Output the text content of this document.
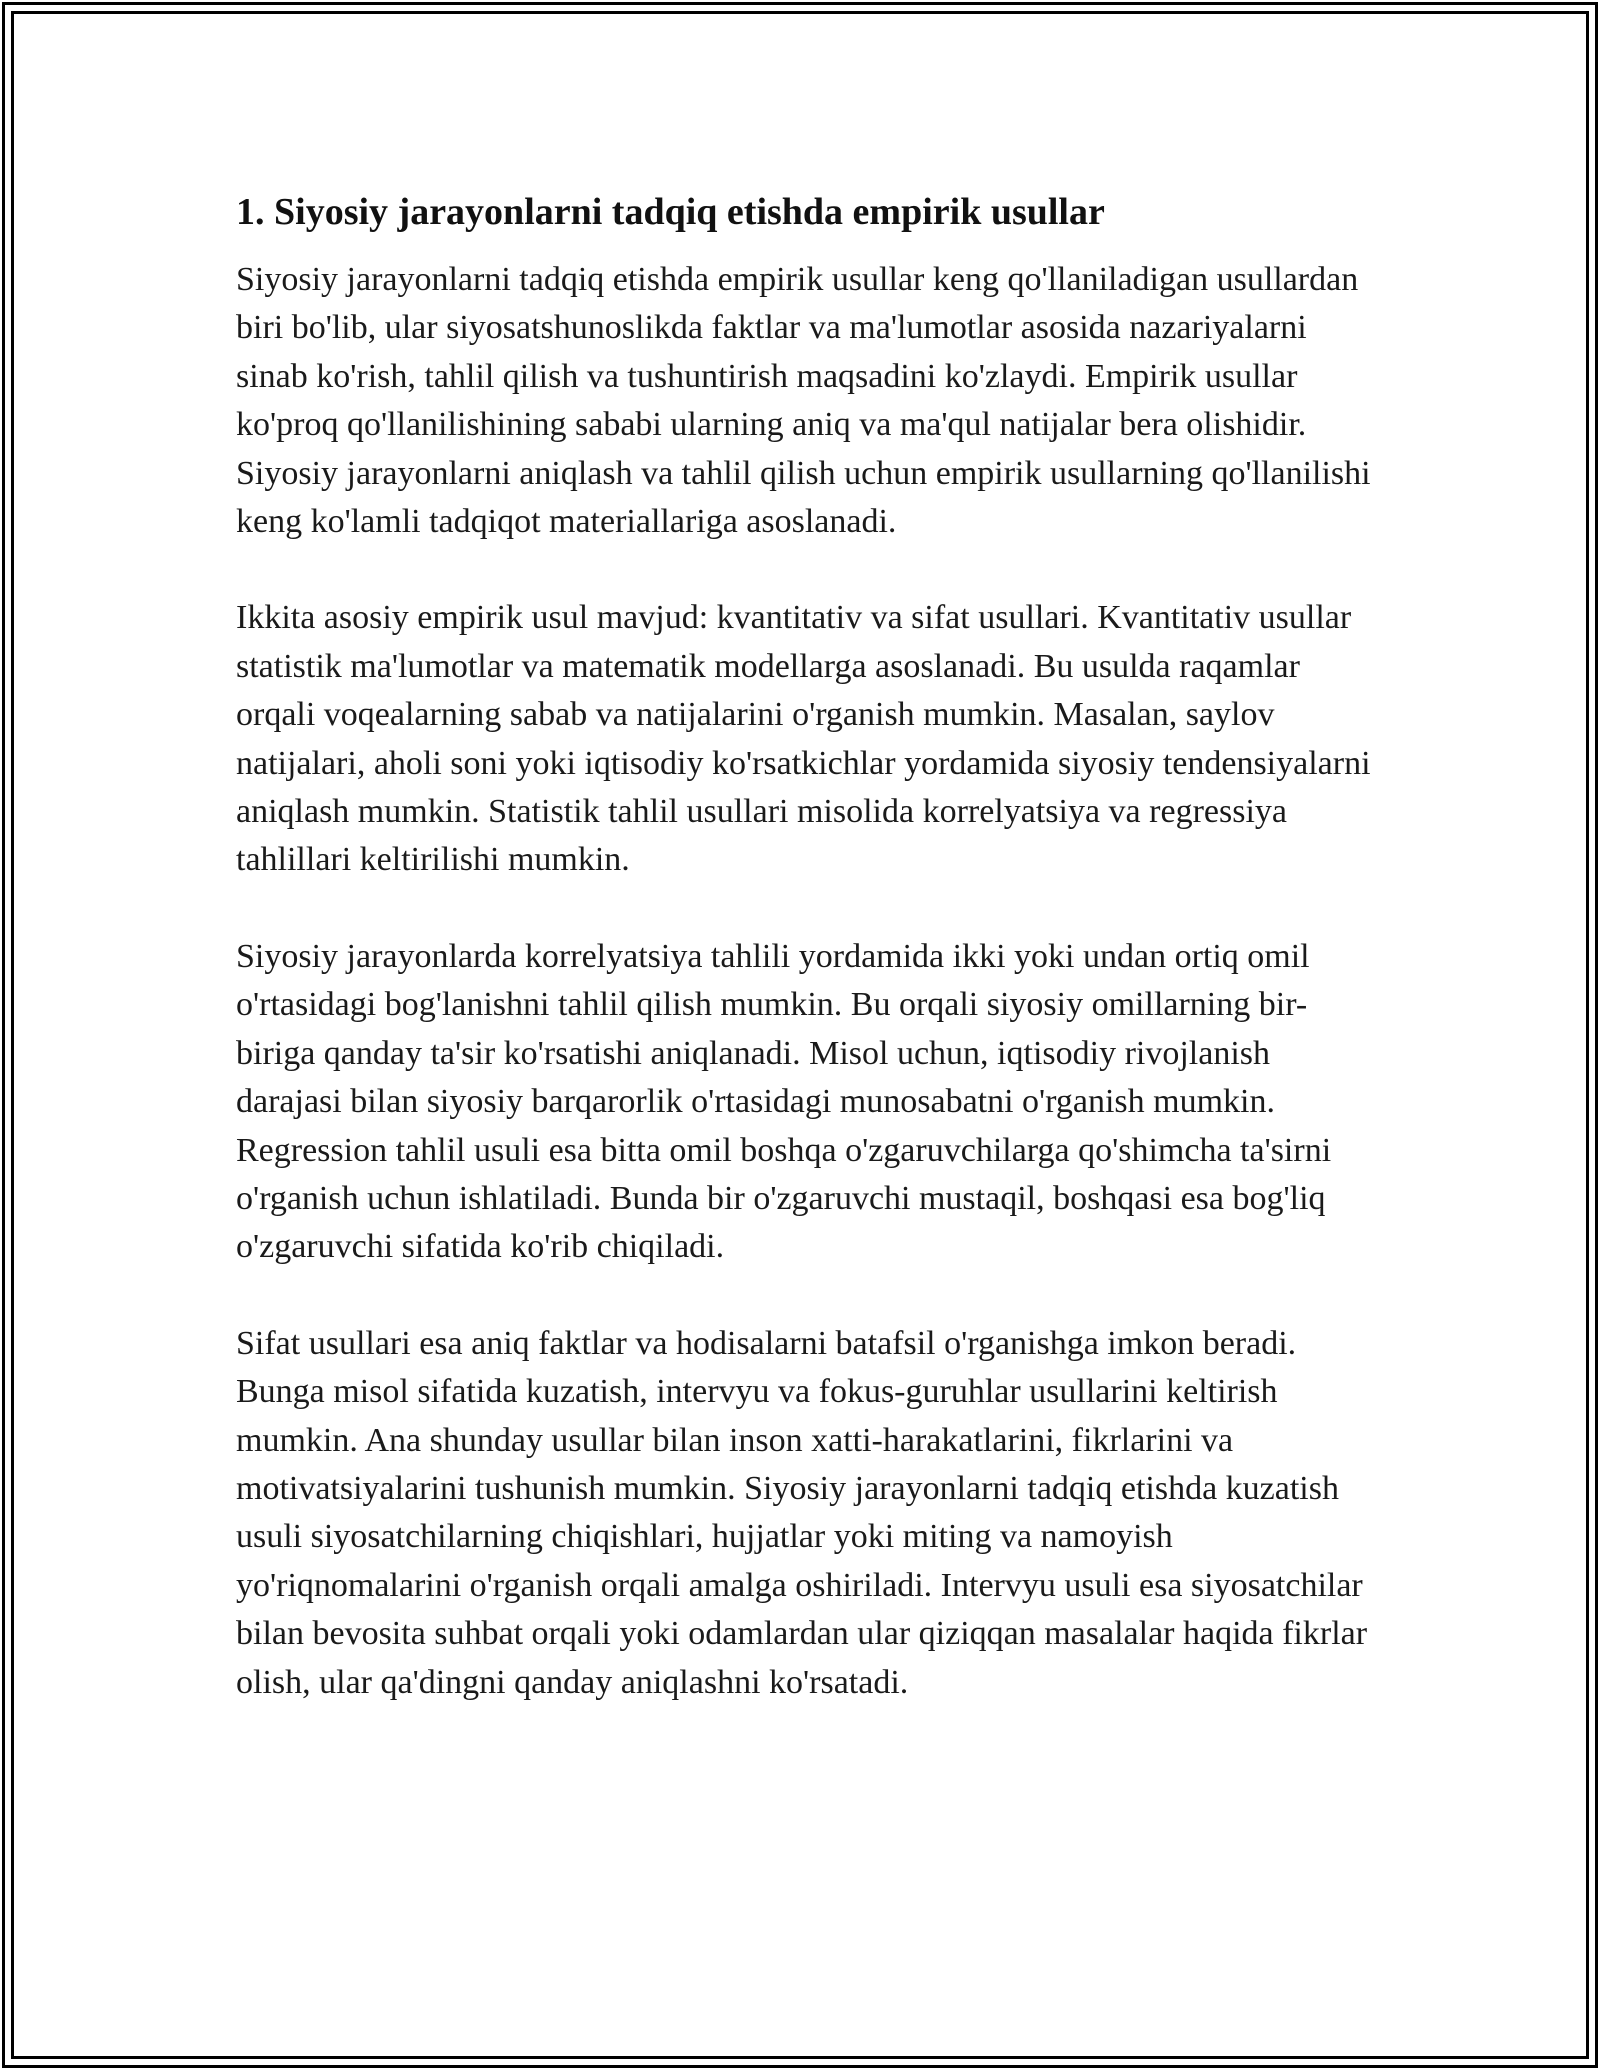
1. Siyosiy jarayonlarni tadqiq etishda empirik usullar

Siyosiy jarayonlarni tadqiq etishda empirik usullar keng qo'llaniladigan usullardan biri bo'lib, ular siyosatshunoslikda faktlar va ma'lumotlar asosida nazariyalarni sinab ko'rish, tahlil qilish va tushuntirish maqsadini ko'zlaydi. Empirik usullar ko'proq qo'llanilishining sababi ularning aniq va ma'qul natijalar bera olishidir. Siyosiy jarayonlarni aniqlash va tahlil qilish uchun empirik usullarning qo'llanilishi keng ko'lamli tadqiqot materiallariga asoslanadi.

Ikkita asosiy empirik usul mavjud: kvantitativ va sifat usullari. Kvantitativ usullar statistik ma'lumotlar va matematik modellarga asoslanadi. Bu usulda raqamlar orqali voqealarning sabab va natijalarini o'rganish mumkin. Masalan, saylov natijalari, aholi soni yoki iqtisodiy ko'rsatkichlar yordamida siyosiy tendensiyalarni aniqlash mumkin. Statistik tahlil usullari misolida korrelyatsiya va regressiya tahlillari keltirilishi mumkin.

Siyosiy jarayonlarda korrelyatsiya tahlili yordamida ikki yoki undan ortiq omil o'rtasidagi bog'lanishni tahlil qilish mumkin. Bu orqali siyosiy omillarning bir-biriga qanday ta'sir ko'rsatishi aniqlanadi. Misol uchun, iqtisodiy rivojlanish darajasi bilan siyosiy barqarorlik o'rtasidagi munosabatni o'rganish mumkin. Regression tahlil usuli esa bitta omil boshqa o'zgaruvchilarga qo'shimcha ta'sirni o'rganish uchun ishlatiladi. Bunda bir o'zgaruvchi mustaqil, boshqasi esa bog'liq o'zgaruvchi sifatida ko'rib chiqiladi.

Sifat usullari esa aniq faktlar va hodisalarni batafsil o'rganishga imkon beradi. Bunga misol sifatida kuzatish, intervyu va fokus-guruhlar usullarini keltirish mumkin. Ana shunday usullar bilan inson xatti-harakatlarini, fikrlarini va motivatsiyalarini tushunish mumkin. Siyosiy jarayonlarni tadqiq etishda kuzatish usuli siyosatchilarning chiqishlari, hujjatlar yoki miting va namoyish yo'riqnomalarini o'rganish orqali amalga oshiriladi. Intervyu usuli esa siyosatchilar bilan bevosita suhbat orqali yoki odamlardan ular qiziqqan masalalar haqida fikrlar olish, ular qa'dingni qanday aniqlashni ko'rsatadi.
